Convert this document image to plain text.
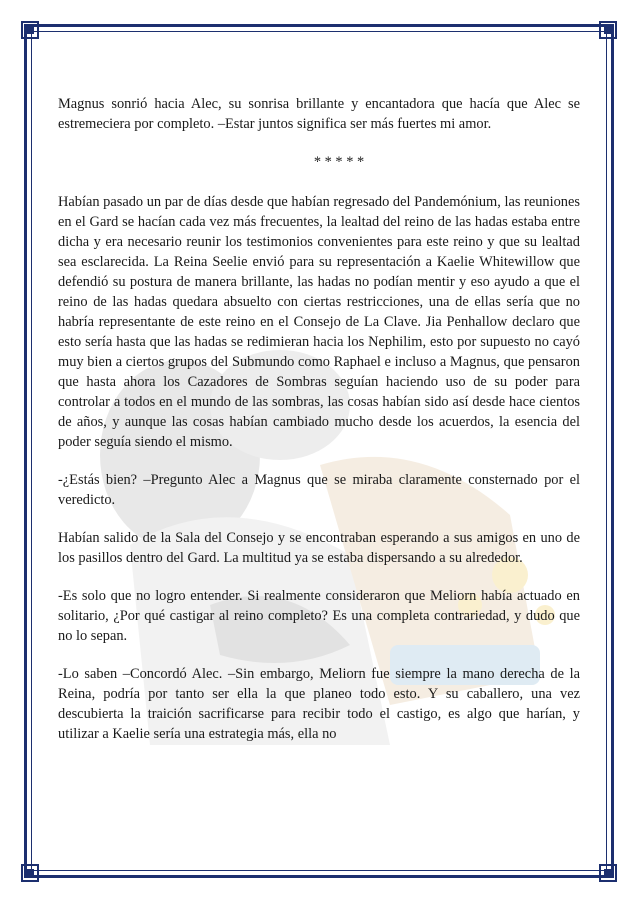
Magnus sonrió hacia Alec, su sonrisa brillante y encantadora que hacía que Alec se estremeciera por completo. –Estar juntos significa ser más fuertes mi amor.

* * * * *

Habían pasado un par de días desde que habían regresado del Pandemónium, las reuniones en el Gard se hacían cada vez más frecuentes, la lealtad del reino de las hadas estaba entre dicha y era necesario reunir los testimonios convenientes para este reino y que su lealtad sea esclarecida. La Reina Seelie envió para su representación a Kaelie Whitewillow que defendió su postura de manera brillante, las hadas no podían mentir y eso ayudo a que el reino de las hadas quedara absuelto con ciertas restricciones, una de ellas sería que no habría representante de este reino en el Consejo de La Clave. Jia Penhallow declaro que esto sería hasta que las hadas se redimieran hacia los Nephilim, esto por supuesto no cayó muy bien a ciertos grupos del Submundo como Raphael e incluso a Magnus, que pensaron que hasta ahora los Cazadores de Sombras seguían haciendo uso de su poder para controlar a todos en el mundo de las sombras, las cosas habían sido así desde hace cientos de años, y aunque las cosas habían cambiado mucho desde los acuerdos, la esencia del poder seguía siendo el mismo.

-¿Estás bien? –Pregunto Alec a Magnus que se miraba claramente consternado por el veredicto.

Habían salido de la Sala del Consejo y se encontraban esperando a sus amigos en uno de los pasillos dentro del Gard. La multitud ya se estaba dispersando a su alrededor.

-Es solo que no logro entender. Si realmente consideraron que Meliorn había actuado en solitario, ¿Por qué castigar al reino completo? Es una completa contrariedad, y dudo que no lo sepan.

-Lo saben –Concordó Alec. –Sin embargo, Meliorn fue siempre la mano derecha de la Reina, podría por tanto ser ella la que planeo todo esto. Y su caballero, una vez descubierta la traición sacrificarse para recibir todo el castigo, es algo que harían, y utilizar a Kaelie sería una estrategia más, ella no
